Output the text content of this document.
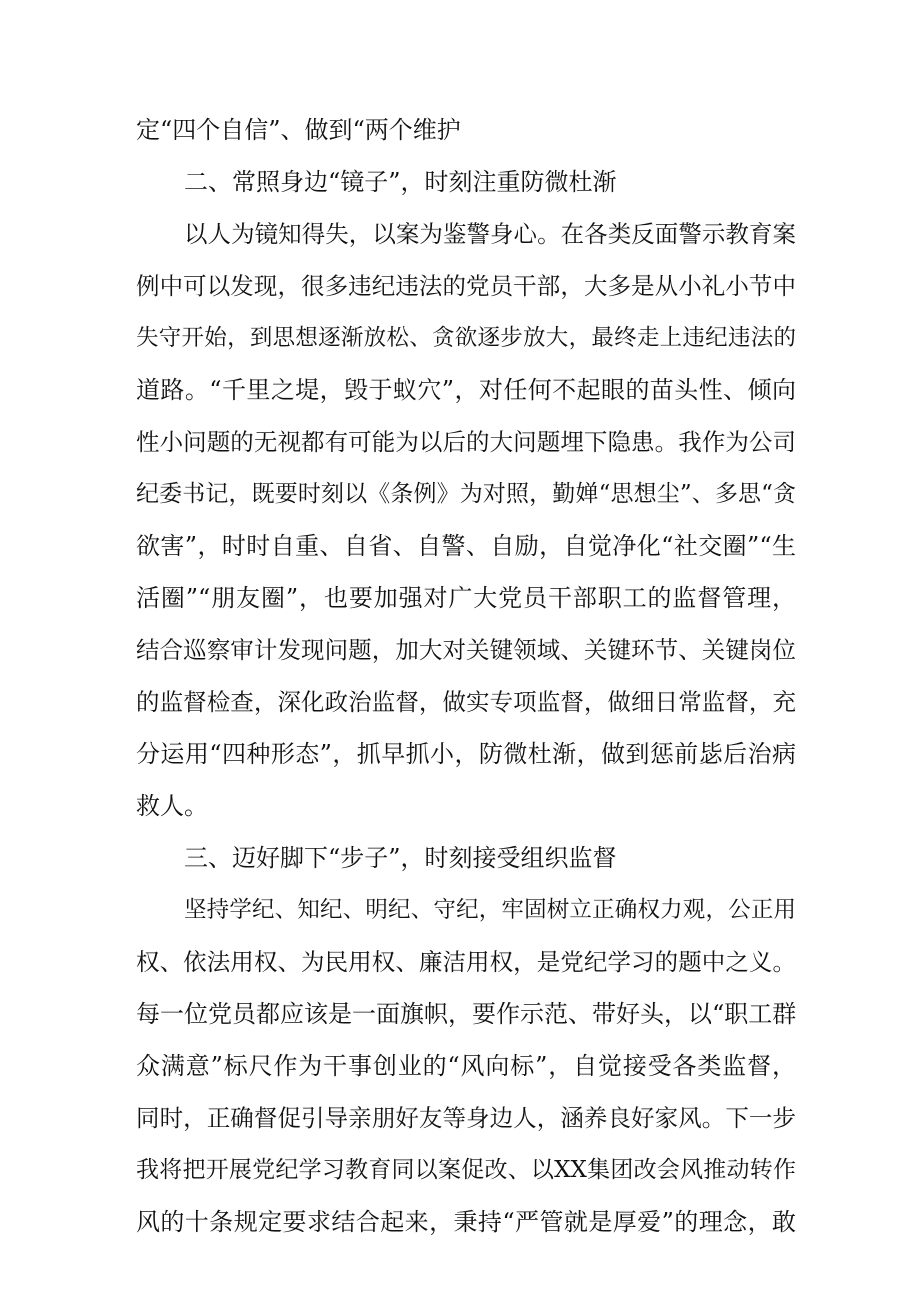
定“四个自信”、做到“两个维护
二、常照身边“镜子”，时刻注重防微杜渐
以人为镜知得失，以案为鉴警身心。在各类反面警示教育案
例中可以发现，很多违纪违法的党员干部，大多是从小礼小节中
失守开始，到思想逐渐放松、贪欲逐步放大，最终走上违纪违法的
道路。“千里之堤，毁于蚁穴”，对任何不起眼的苗头性、倾向
性小问题的无视都有可能为以后的大问题埋下隐患。我作为公司
纪委书记，既要时刻以《条例》为对照，勤婵“思想尘”、多思“贪
欲害”，时时自重、自省、自警、自励，自觉净化“社交圈”“生
活圈”“朋友圈”，也要加强对广大党员干部职工的监督管理，
结合巡察审计发现问题，加大对关键领域、关键环节、关键岗位
的监督检查，深化政治监督，做实专项监督，做细日常监督，充
分运用“四种形态”，抓早抓小，防微杜渐，做到惩前毖后治病
救人。
三、迈好脚下“步子”，时刻接受组织监督
坚持学纪、知纪、明纪、守纪，牢固树立正确权力观，公正用
权、依法用权、为民用权、廉洁用权，是党纪学习的题中之义。
每一位党员都应该是一面旗帜，要作示范、带好头，以“职工群
众满意”标尺作为干事创业的“风向标”，自觉接受各类监督，
同时，正确督促引导亲朋好友等身边人，涵养良好家风。下一步
我将把开展党纪学习教育同以案促改、以XX集团改会风推动转作
风的十条规定要求结合起来，秉持“严管就是厚爱”的理念，敢
